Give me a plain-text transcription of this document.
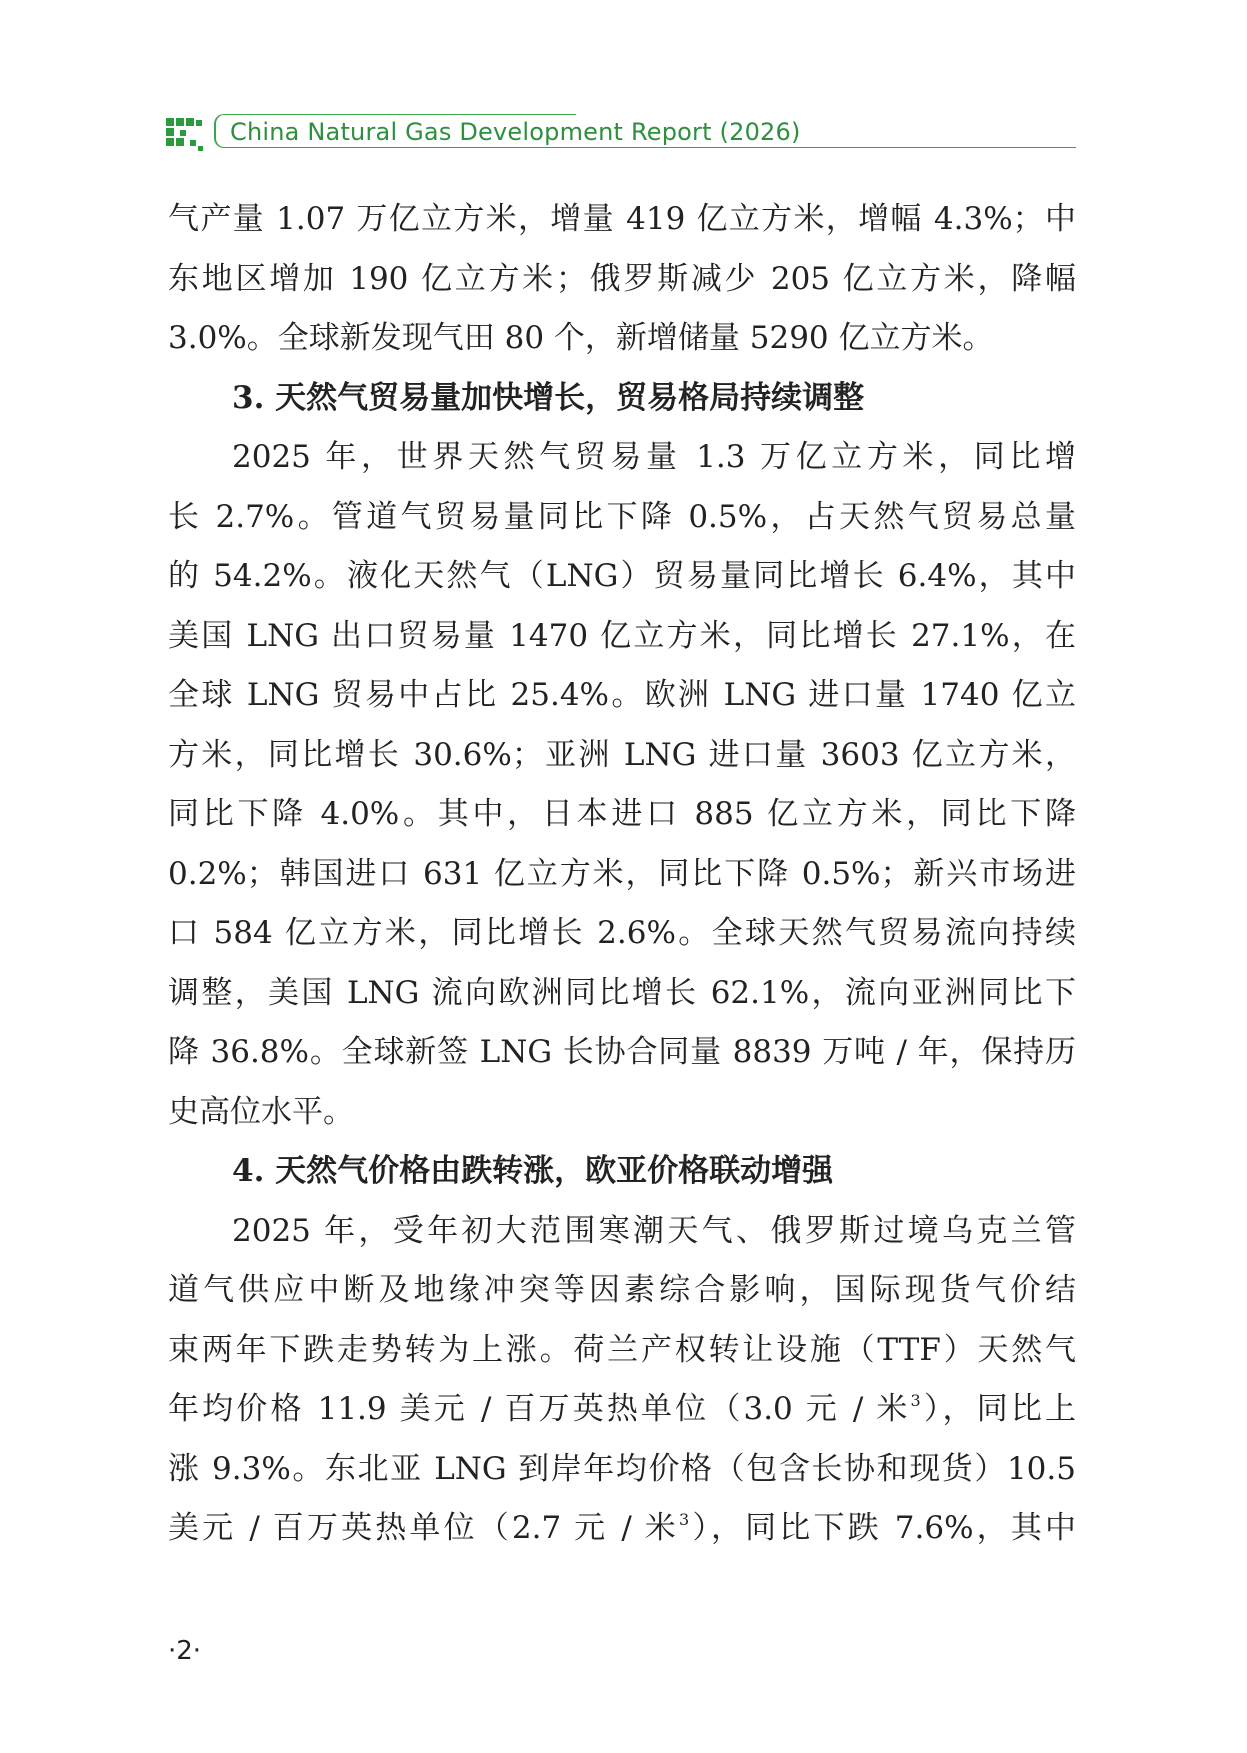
China Natural Gas Development Report (2026)
气产量 1.07 万亿立方米，增量 419 亿立方米，增幅 4.3%；中
东地区增加 190 亿立方米；俄罗斯减少 205 亿立方米，降幅
3.0%。全球新发现气田 80 个，新增储量 5290 亿立方米。
3. 天然气贸易量加快增长，贸易格局持续调整
2025 年，世界天然气贸易量 1.3 万亿立方米，同比增
长 2.7%。管道气贸易量同比下降 0.5%，占天然气贸易总量
的 54.2%。液化天然气（LNG）贸易量同比增长 6.4%，其中
美国 LNG 出口贸易量 1470 亿立方米，同比增长 27.1%，在
全球 LNG 贸易中占比 25.4%。欧洲 LNG 进口量 1740 亿立
方米，同比增长 30.6%；亚洲 LNG 进口量 3603 亿立方米，
同比下降 4.0%。其中，日本进口 885 亿立方米，同比下降
0.2%；韩国进口 631 亿立方米，同比下降 0.5%；新兴市场进
口 584 亿立方米，同比增长 2.6%。全球天然气贸易流向持续
调整，美国 LNG 流向欧洲同比增长 62.1%，流向亚洲同比下
降 36.8%。全球新签 LNG 长协合同量 8839 万吨 / 年，保持历
史高位水平。
4. 天然气价格由跌转涨，欧亚价格联动增强
2025 年，受年初大范围寒潮天气、俄罗斯过境乌克兰管
道气供应中断及地缘冲突等因素综合影响，国际现货气价结
束两年下跌走势转为上涨。荷兰产权转让设施（TTF）天然气
年均价格 11.9 美元 / 百万英热单位（3.0 元 / 米$^3$），同比上
涨 9.3%。东北亚 LNG 到岸年均价格（包含长协和现货）10.5
美元 / 百万英热单位（2.7 元 / 米$^3$），同比下跌 7.6%，其中
·2·
